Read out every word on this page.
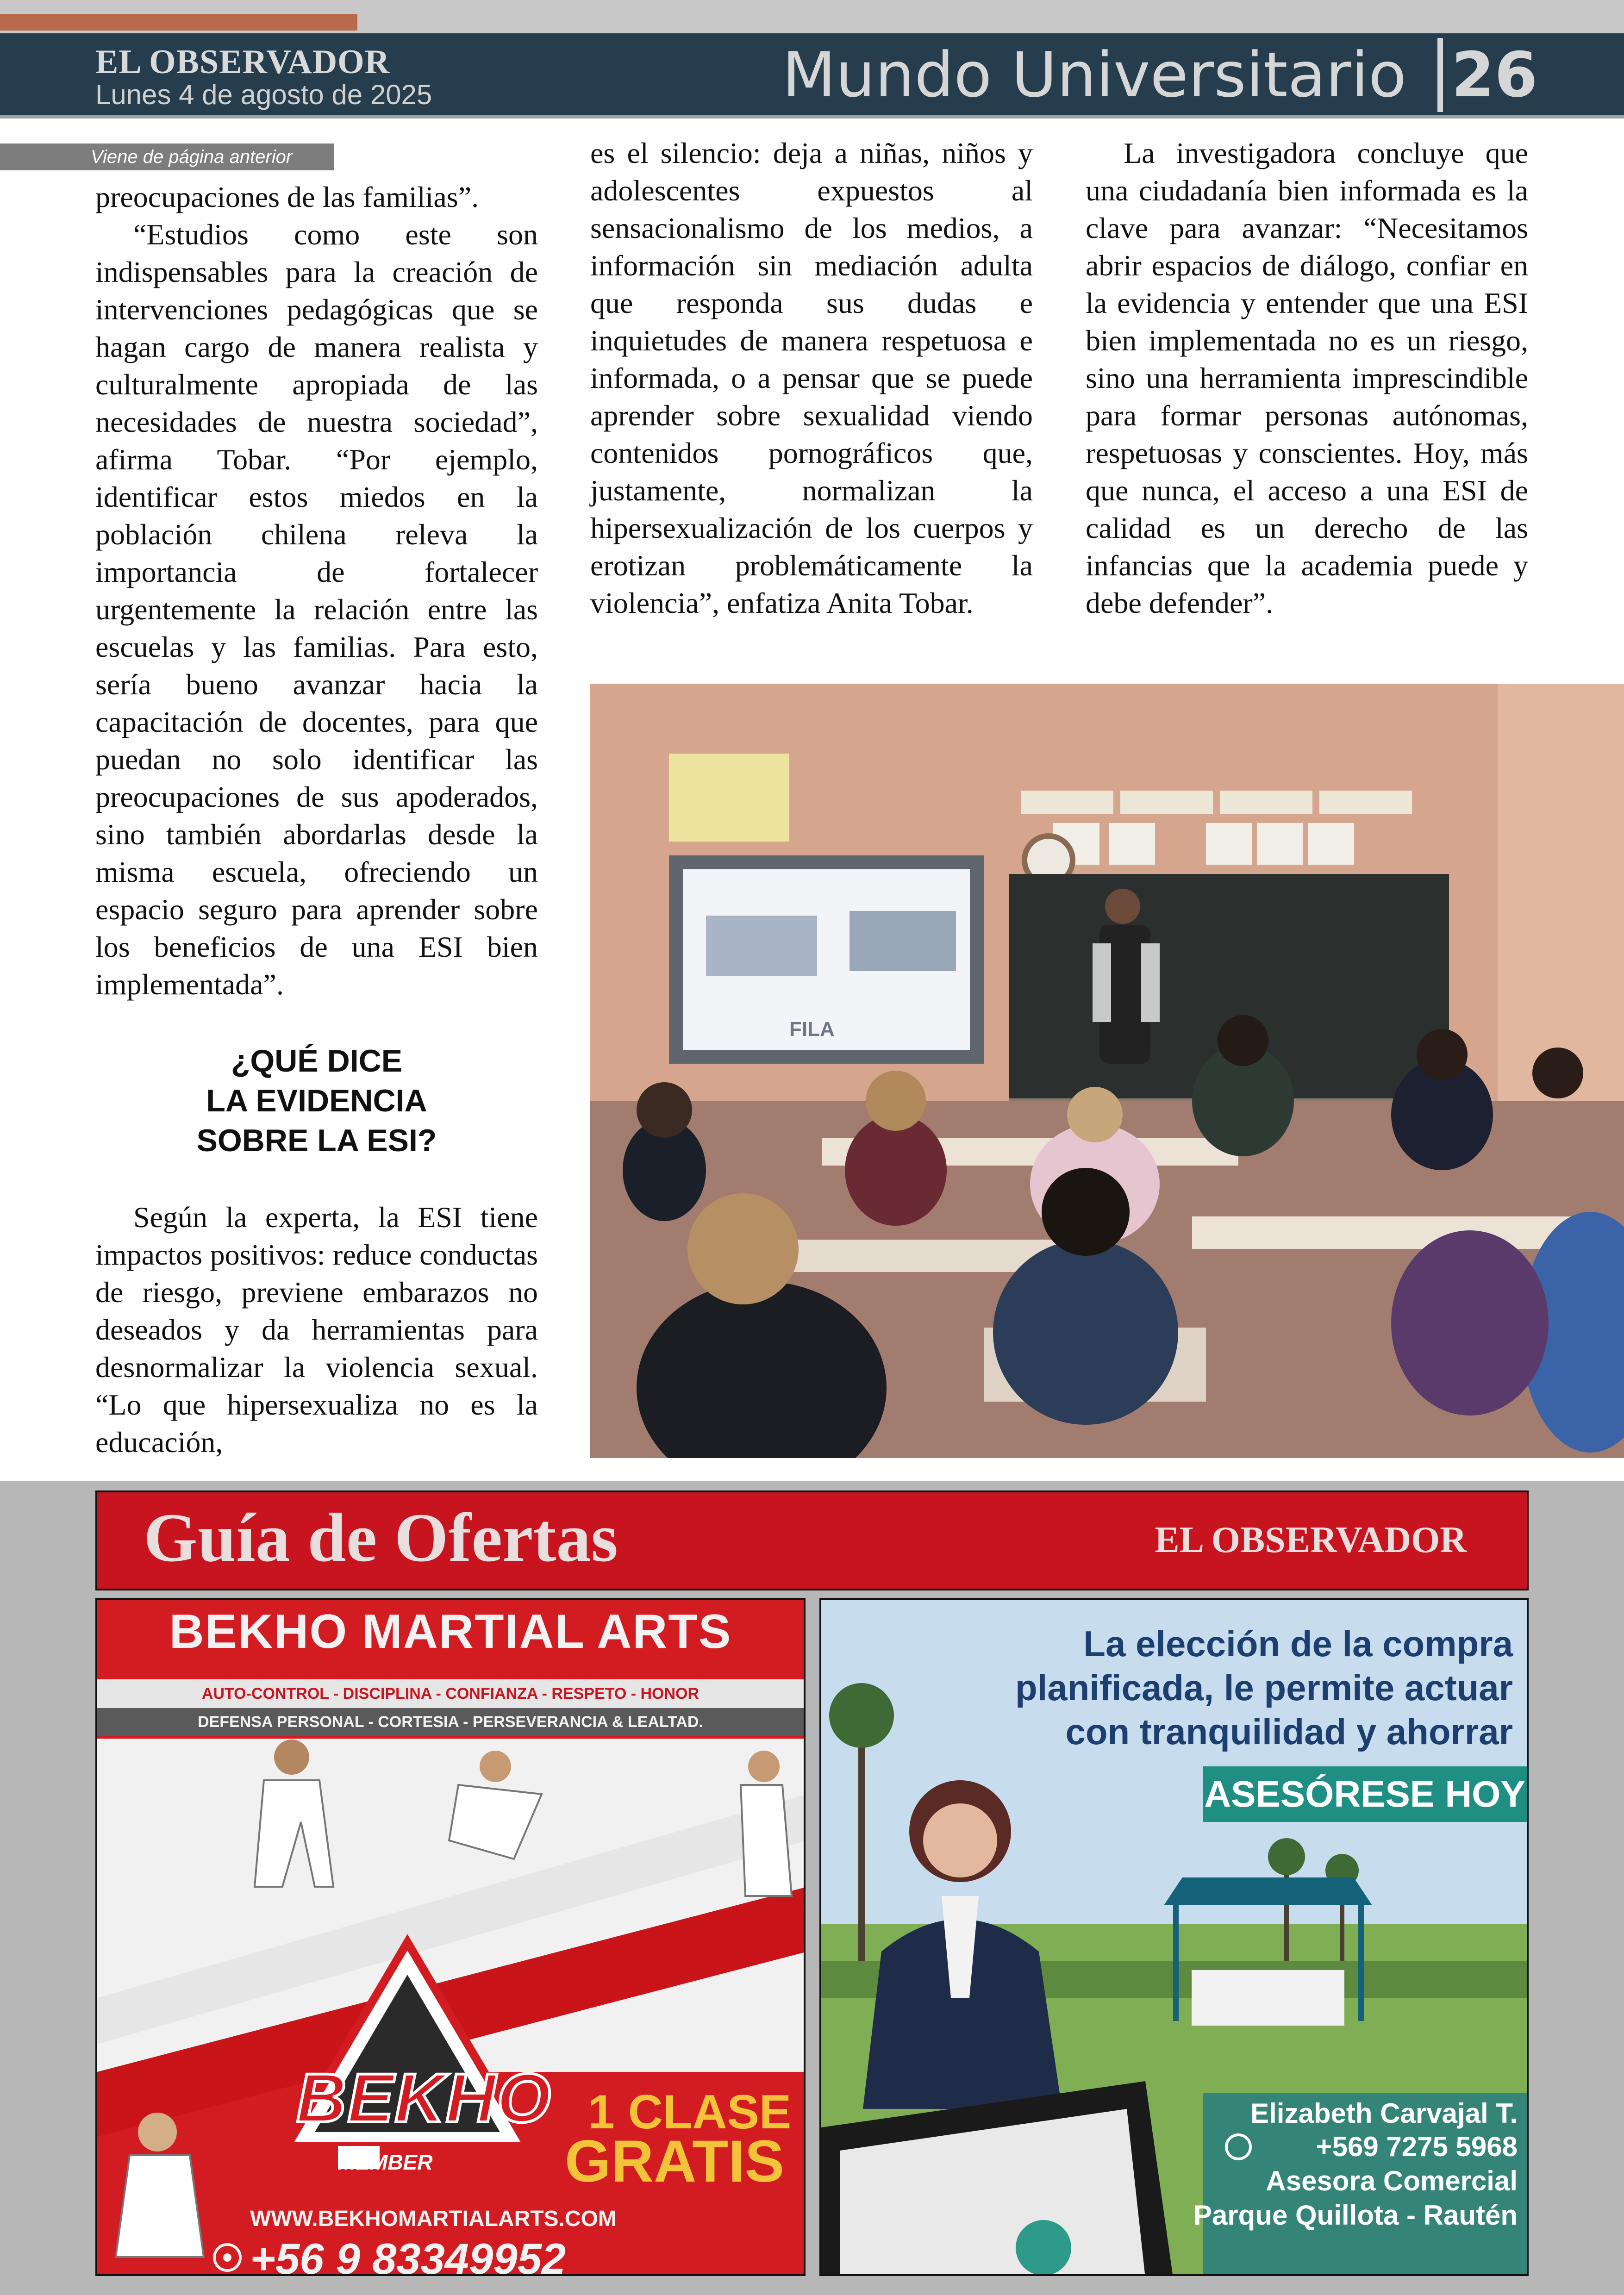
EL OBSERVADOR
Lunes 4 de agosto de 2025	Mundo Universitario 26
Viene de página anterior

preocupaciones de las familias”.

“Estudios como este son indispensables para la creación de intervenciones pedagógicas que se hagan cargo de manera realista y culturalmente apropiada de las necesidades de nuestra sociedad”, afirma Tobar. “Por ejemplo, identificar estos miedos en la población chilena releva la importancia de fortalecer urgentemente la relación entre las escuelas y las familias. Para esto, sería bueno avanzar hacia la capacitación de docentes, para que puedan no solo identificar las preocupaciones de sus apoderados, sino también abordarlas desde la misma escuela, ofreciendo un espacio seguro para aprender sobre los beneficios de una ESI bien implementada”.

¿QUÉ DICE
LA EVIDENCIA
SOBRE LA ESI?

Según la experta, la ESI tiene impactos positivos: reduce conductas de riesgo, previene embarazos no deseados y da herramientas para desnormalizar la violencia sexual. “Lo que hipersexualiza no es la educación,

es el silencio: deja a niñas, niños y adolescentes expuestos al sensacionalismo de los medios, a información sin mediación adulta que responda sus dudas e inquietudes de manera respetuosa e informada, o a pensar que se puede aprender sobre sexualidad viendo contenidos pornográficos que, justamente, normalizan la hipersexualización de los cuerpos y erotizan problemáticamente la violencia”, enfatiza Anita Tobar.

La investigadora concluye que una ciudadanía bien informada es la clave para avanzar: “Necesitamos abrir espacios de diálogo, confiar en la evidencia y entender que una ESI bien implementada no es un riesgo, sino una herramienta imprescindible para formar personas autónomas, respetuosas y conscientes. Hoy, más que nunca, el acceso a una ESI de calidad es un derecho de las infancias que la academia puede y debe defender”.

FILA
Guía de Ofertas	EL OBSERVADOR
BEKHO MARTIAL ARTS
AUTO-CONTROL - DISCIPLINA - CONFIANZA - RESPETO - HONOR
DEFENSA PERSONAL - CORTESIA - PERSEVERANCIA & LEALTAD.
BEKHO
MEMBER
1 CLASE
GRATIS
WWW.BEKHOMARTIALARTS.COM
+56 9 83349952
La elección de la compra
planificada, le permite actuar
con tranquilidad y ahorrar
ASESÓRESE HOY
Elizabeth Carvajal T.
+569 7275 5968
Asesora Comercial
Parque Quillota - Rautén
